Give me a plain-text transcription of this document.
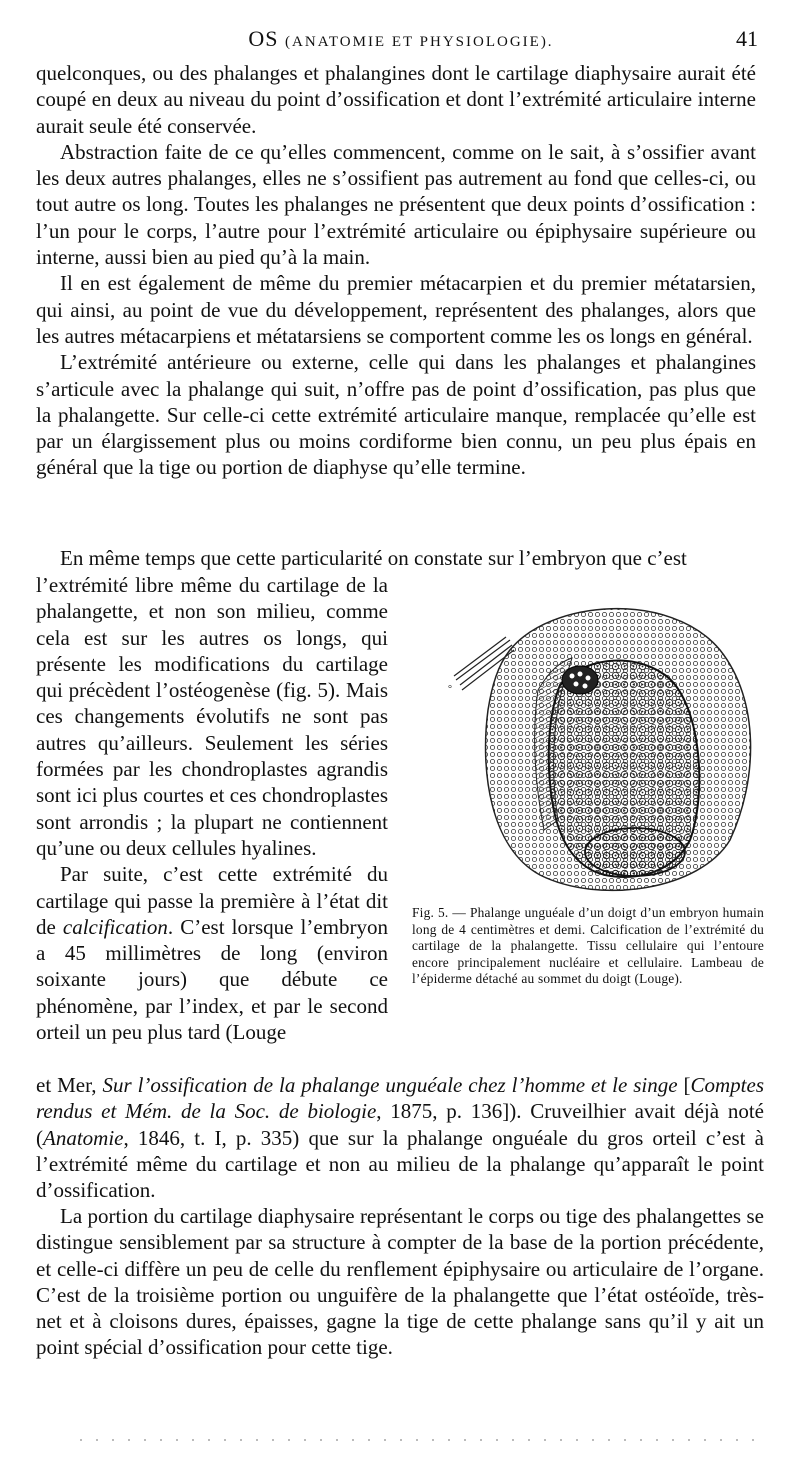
OS (ANATOMIE ET PHYSIOLOGIE).	41

quelconques, ou des phalanges et phalangines dont le cartilage diaphysaire aurait été coupé en deux au niveau du point d’ossification et dont l’extrémité articulaire interne aurait seule été conservée.

Abstraction faite de ce qu’elles commencent, comme on le sait, à s’ossifier avant les deux autres phalanges, elles ne s’ossifient pas autrement au fond que celles-ci, ou tout autre os long. Toutes les phalanges ne présentent que deux points d’ossification : l’un pour le corps, l’autre pour l’extrémité articulaire ou épiphysaire supérieure ou interne, aussi bien au pied qu’à la main.

Il en est également de même du premier métacarpien et du premier métatarsien, qui ainsi, au point de vue du développement, représentent des phalanges, alors que les autres métacarpiens et métatarsiens se comportent comme les os longs en général.

L’extrémité antérieure ou externe, celle qui dans les phalanges et phalangines s’articule avec la phalange qui suit, n’offre pas de point d’ossification, pas plus que la phalangette. Sur celle-ci cette extrémité articulaire manque, remplacée qu’elle est par un élargissement plus ou moins cordiforme bien connu, un peu plus épais en général que la tige ou portion de diaphyse qu’elle termine.

En même temps que cette particularité on constate sur l’embryon que c’est

l’extrémité libre même du cartilage de la phalangette, et non son milieu, comme cela est sur les autres os longs, qui présente les modifications du cartilage qui précèdent l’ostéogenèse (fig. 5). Mais ces changements évolutifs ne sont pas autres qu’ailleurs. Seulement les séries formées par les chondroplastes agrandis sont ici plus courtes et ces chondroplastes sont arrondis ; la plupart ne contiennent qu’une ou deux cellules hyalines.

Par suite, c’est cette extrémité du cartilage qui passe la première à l’état dit de calcification. C’est lorsque l’embryon a 45 millimètres de long (environ soixante jours) que débute ce phénomène, par l’index, et par le second orteil un peu plus tard (Louge

°
Fig. 5. — Phalange unguéale d’un doigt d’un embryon humain long de 4 centimètres et demi. Calcification de l’extrémité du cartilage de la phalangette. Tissu cellulaire qui l’entoure encore principalement nucléaire et cellulaire. Lambeau de l’épiderme détaché au sommet du doigt (Louge).

et Mer, Sur l’ossification de la phalange unguéale chez l’homme et le singe [Comptes rendus et Mém. de la Soc. de biologie, 1875, p. 136]). Cruveilhier avait déjà noté (Anatomie, 1846, t. I, p. 335) que sur la phalange onguéale du gros orteil c’est à l’extrémité même du cartilage et non au milieu de la phalange qu’apparaît le point d’ossification.

La portion du cartilage diaphysaire représentant le corps ou tige des phalangettes se distingue sensiblement par sa structure à compter de la base de la portion précédente, et celle-ci diffère un peu de celle du renflement épiphysaire ou articulaire de l’organe. C’est de la troisième portion ou unguifère de la phalangette que l’état ostéoïde, très-net et à cloisons dures, épaisses, gagne la tige de cette phalange sans qu’il y ait un point spécial d’ossification pour cette tige.
